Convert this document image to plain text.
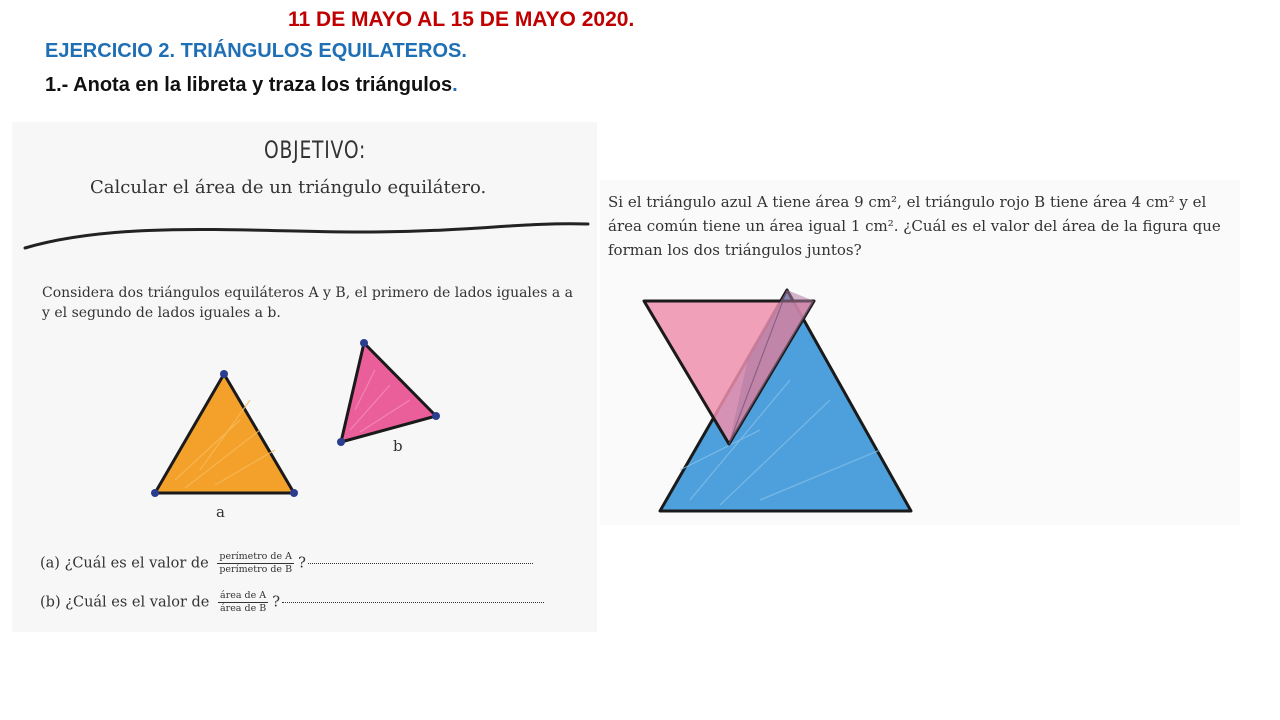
11 DE MAYO AL 15 DE MAYO 2020.
EJERCICIO 2. TRIÁNGULOS EQUILATEROS.
1.- Anota en la libreta y traza los triángulos.
OBJETIVO:
Calcular el área de un triángulo equilátero.
Considera dos triángulos equiláteros A y B, el primero de lados iguales a a y el segundo de lados iguales a b.
a
b
(a) ¿Cuál es el valor de $\frac{\text{perímetro de A}}{\text{perímetro de B}}$ ?
(b) ¿Cuál es el valor de $\frac{\text{área de A}}{\text{área de B}}$ ?
Si el triángulo azul A tiene área 9 cm², el triángulo rojo B tiene área 4 cm² y el área común tiene un área igual 1 cm². ¿Cuál es el valor del área de la figura que forman los dos triángulos juntos?
